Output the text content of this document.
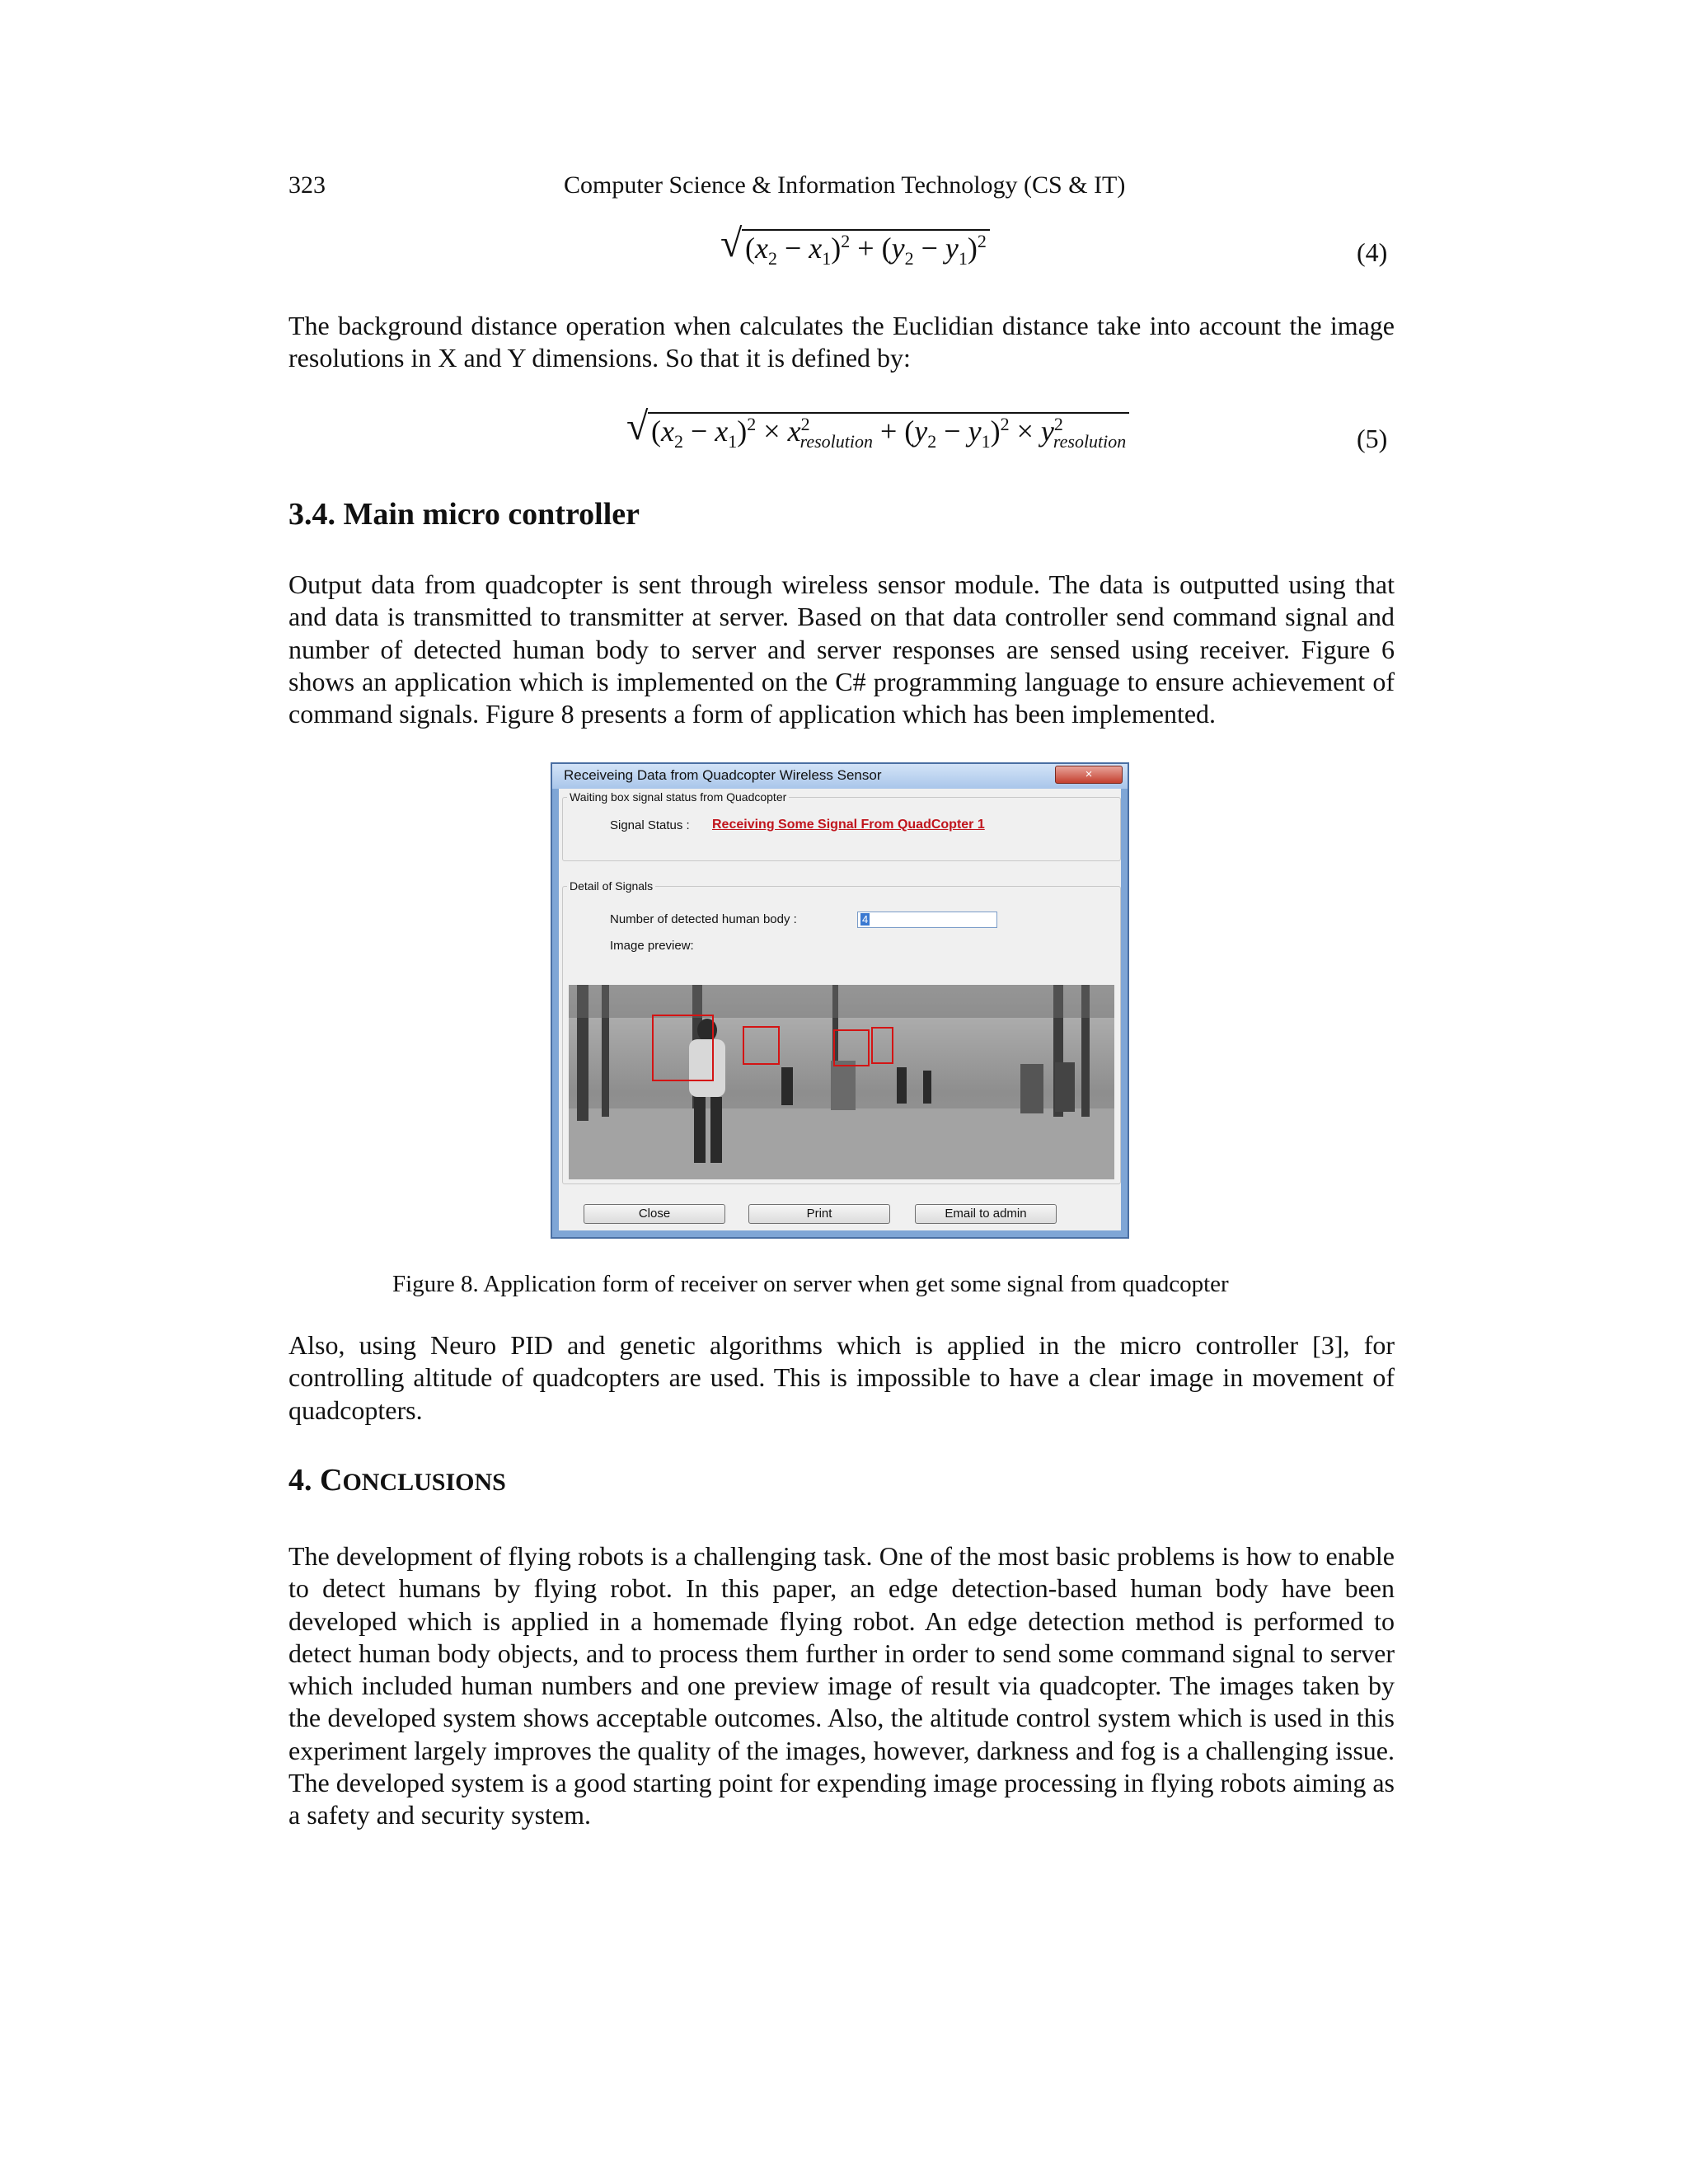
323	Computer Science & Information Technology (CS & IT)
√ $(x_2 - x_1)^2 + (y_2 - y_1)^2$	(4)

The background distance operation when calculates the Euclidian distance take into account the image resolutions in X and Y dimensions. So that it is defined by:

√ $(x_2 - x_1)^2 \times x^2_{resolution} + (y_2 - y_1)^2 \times y^2_{resolution}$	(5)
3.4. Main micro controller

Output data from quadcopter is sent through wireless sensor module. The data is outputted using that and data is transmitted to transmitter at server. Based on that data controller send command signal and number of detected human body to server and server responses are sensed using receiver. Figure 6 shows an application which is implemented on the C# programming language to ensure achievement of command signals. Figure 8 presents a form of application which has been implemented.

Receiveing Data from Quadcopter Wireless Sensor	×
Waiting box signal status from Quadcopter
Signal Status : Receiving Some Signal From QuadCopter 1
Detail of Signals
Number of detected human body :	4
Image preview:
Close	Print	Email to admin
Figure 8. Application form of receiver on server when get some signal from quadcopter

Also, using Neuro PID and genetic algorithms which is applied in the micro controller [3], for controlling altitude of quadcopters are used. This is impossible to have a clear image in movement of quadcopters.

4. CONCLUSIONS

The development of flying robots is a challenging task. One of the most basic problems is how to enable to detect humans by flying robot. In this paper, an edge detection-based human body have been developed which is applied in a homemade flying robot. An edge detection method is performed to detect human body objects, and to process them further in order to send some command signal to server which included human numbers and one preview image of result via quadcopter. The images taken by the developed system shows acceptable outcomes. Also, the altitude control system which is used in this experiment largely improves the quality of the images, however, darkness and fog is a challenging issue. The developed system is a good starting point for expending image processing in flying robots aiming as a safety and security system.
